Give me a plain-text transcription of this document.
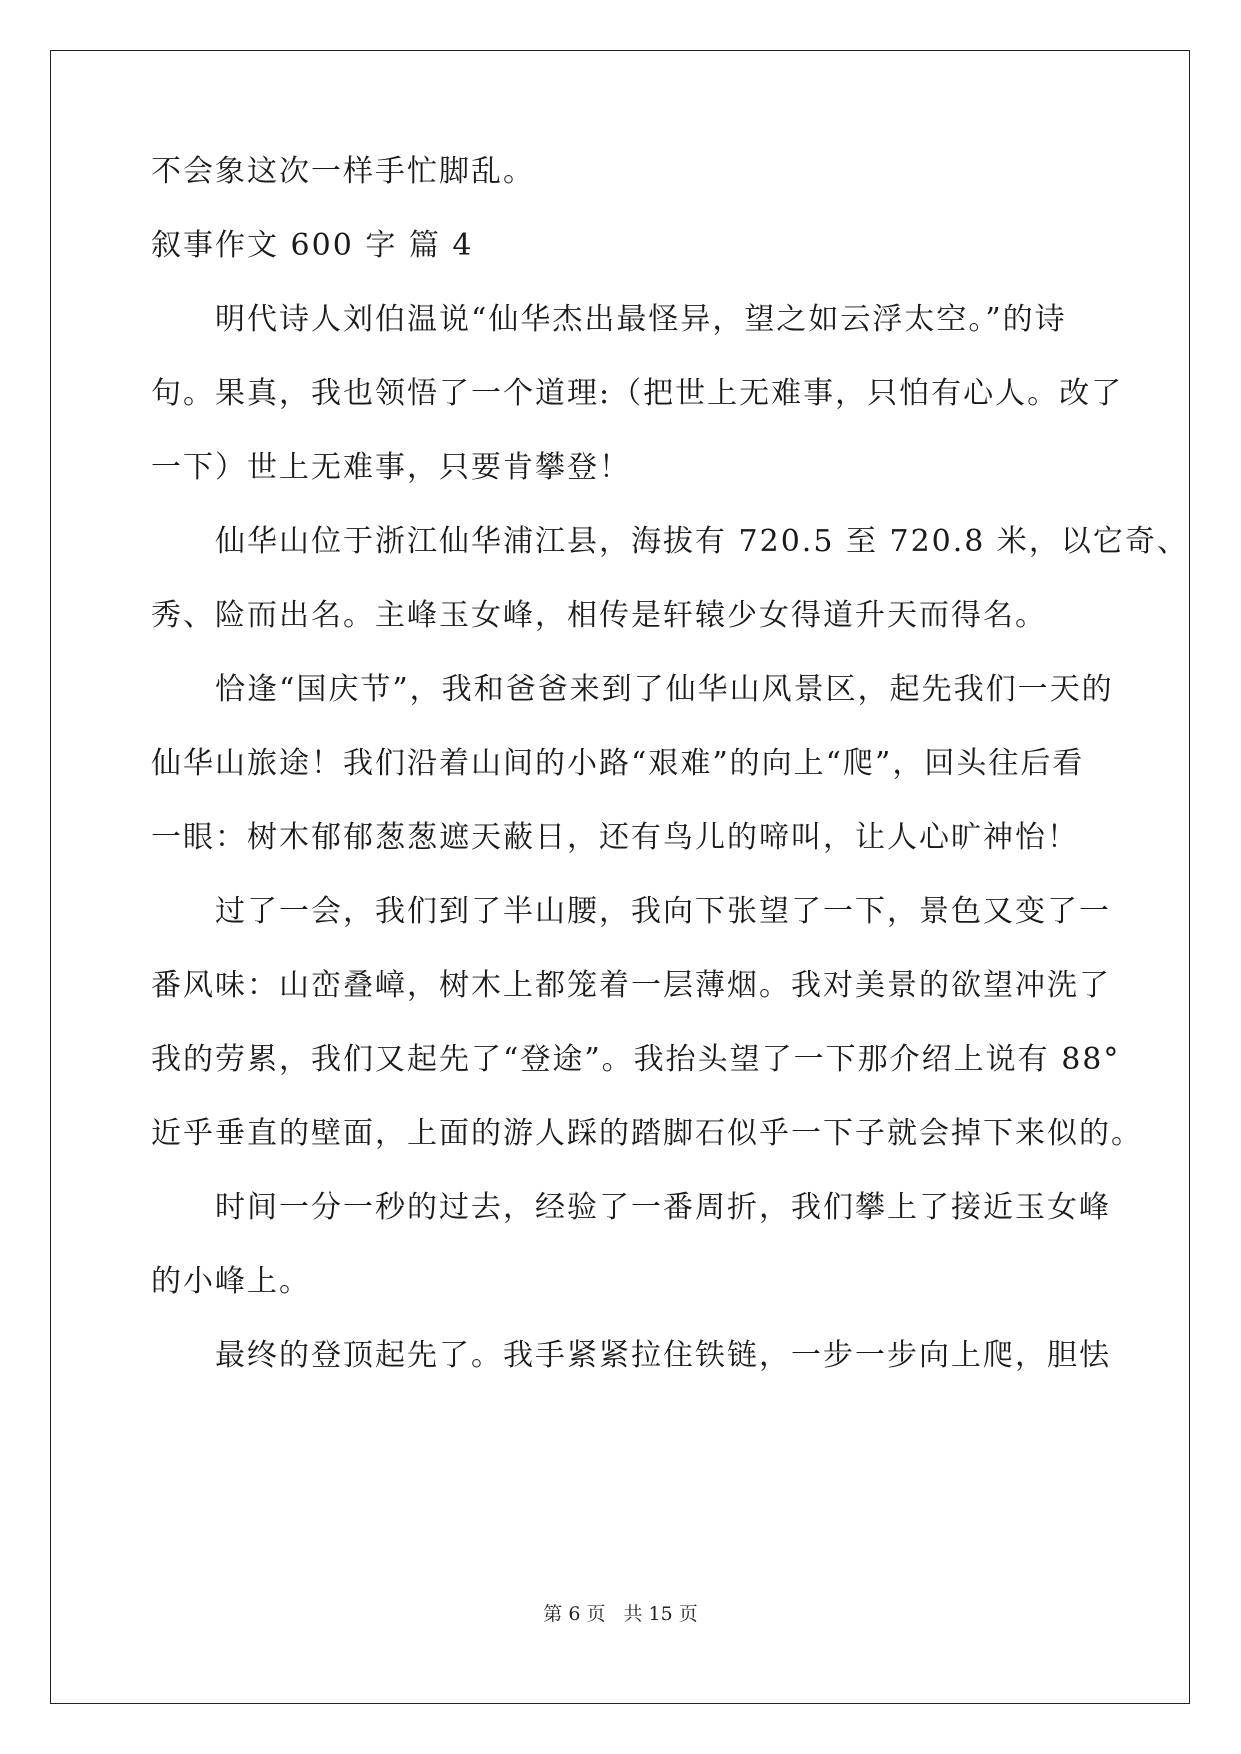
不会象这次一样手忙脚乱。

叙事作文 600 字 篇 4

明代诗人刘伯温说“仙华杰出最怪异，望之如云浮太空。”的诗

句。果真，我也领悟了一个道理:（把世上无难事，只怕有心人。改了

一下）世上无难事，只要肯攀登！

仙华山位于浙江仙华浦江县，海拔有 720.5 至 720.8 米，以它奇、

秀、险而出名。主峰玉女峰，相传是轩辕少女得道升天而得名。

恰逢“国庆节”，我和爸爸来到了仙华山风景区，起先我们一天的

仙华山旅途！我们沿着山间的小路“艰难”的向上“爬”，回头往后看

一眼：树木郁郁葱葱遮天蔽日，还有鸟儿的啼叫，让人心旷神怡！

过了一会，我们到了半山腰，我向下张望了一下，景色又变了一

番风味：山峦叠嶂，树木上都笼着一层薄烟。我对美景的欲望冲洗了

我的劳累，我们又起先了“登途”。我抬头望了一下那介绍上说有 88°

近乎垂直的壁面，上面的游人踩的踏脚石似乎一下子就会掉下来似的。

时间一分一秒的过去，经验了一番周折，我们攀上了接近玉女峰

的小峰上。

最终的登顶起先了。我手紧紧拉住铁链，一步一步向上爬，胆怯

第 6 页 共 15 页
